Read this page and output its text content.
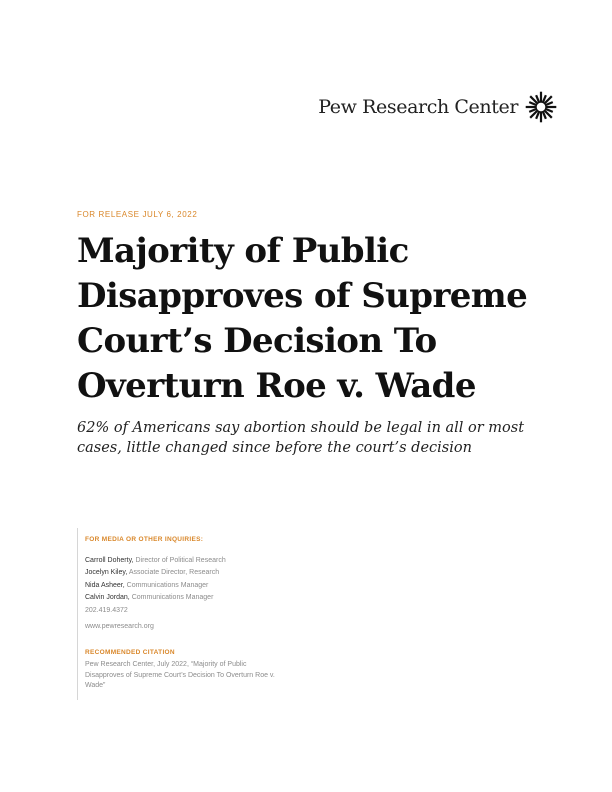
Pew Research Center
FOR RELEASE JULY 6, 2022
Majority of Public
Disapproves of Supreme
Court’s Decision To
Overturn Roe v. Wade

62% of Americans say abortion should be legal in all or most cases, little changed since before the court’s decision

FOR MEDIA OR OTHER INQUIRIES:

Carroll Doherty, Director of Political Research
Jocelyn Kiley, Associate Director, Research
Nida Asheer, Communications Manager
Calvin Jordan, Communications Manager
202.419.4372
www.pewresearch.org

RECOMMENDED CITATION

Pew Research Center, July 2022, “Majority of Public Disapproves of Supreme Court’s Decision To Overturn Roe v. Wade”
